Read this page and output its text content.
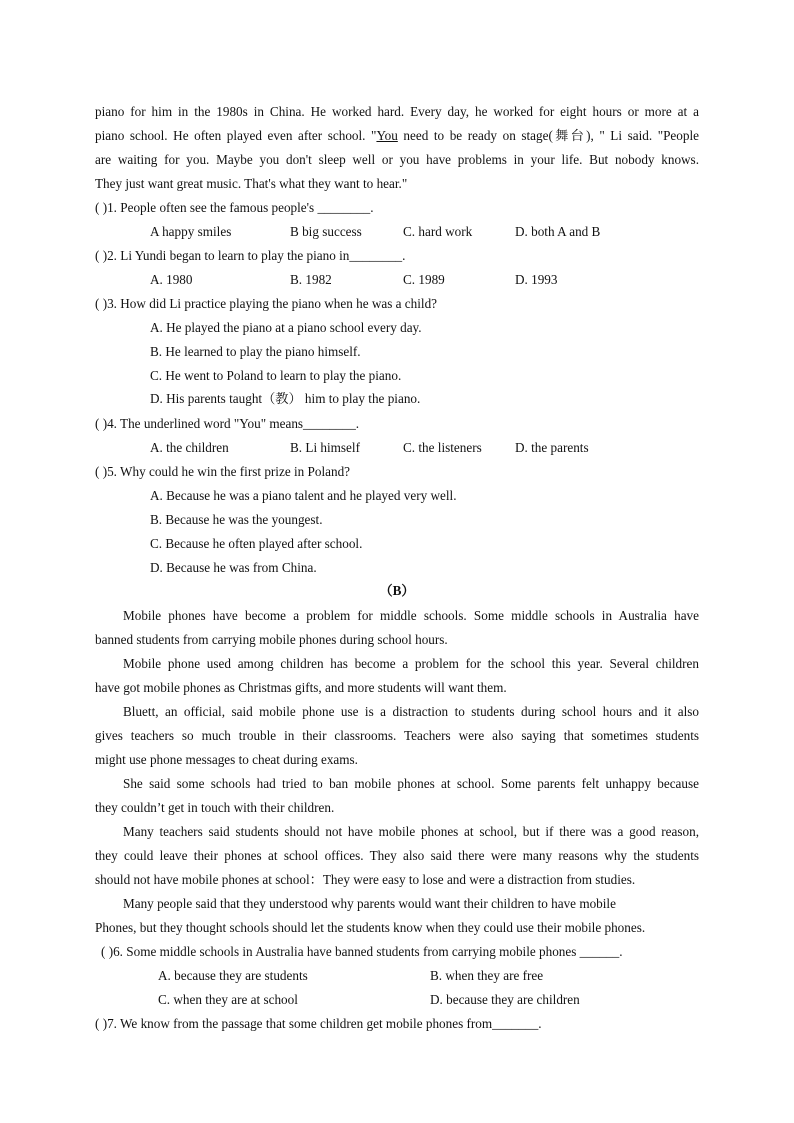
piano for him in the 1980s in China. He worked hard. Every day, he worked for eight hours or more at a
piano school. He often played even after school. "You need to be ready on stage(舞台), " Li said. "People
are waiting for you. Maybe you don't sleep well or you have problems in your life. But nobody knows.
They just want great music. That's what they want to hear."
( )1. People often see the famous people's ________.
A happy smiles	B big success	C. hard work	D. both A and B
( )2. Li Yundi began to learn to play the piano in________.
A. 1980	B. 1982	C. 1989	D. 1993
( )3. How did Li practice playing the piano when he was a child?
A. He played the piano at a piano school every day.
B. He learned to play the piano himself.
C. He went to Poland to learn to play the piano.
D. His parents taught（教） him to play the piano.
( )4. The underlined word "You" means________.
A. the children	B. Li himself	C. the listeners	D. the parents
( )5. Why could he win the first prize in Poland?
A. Because he was a piano talent and he played very well.
B. Because he was the youngest.
C. Because he often played after school.
D. Because he was from China.
（B）
Mobile phones have become a problem for middle schools. Some middle schools in Australia have
banned students from carrying mobile phones during school hours.
Mobile phone used among children has become a problem for the school this year. Several children
have got mobile phones as Christmas gifts, and more students will want them.
Bluett, an official, said mobile phone use is a distraction to students during school hours and it also
gives teachers so much trouble in their classrooms. Teachers were also saying that sometimes students
might use phone messages to cheat during exams.
She said some schools had tried to ban mobile phones at school. Some parents felt unhappy because
they couldn’t get in touch with their children.
Many teachers said students should not have mobile phones at school, but if there was a good reason,
they could leave their phones at school offices. They also said there were many reasons why the students
should not have mobile phones at school：They were easy to lose and were a distraction from studies.
Many people said that they understood why parents would want their children to have mobile
Phones, but they thought schools should let the students know when they could use their mobile phones.
( )6. Some middle schools in Australia have banned students from carrying mobile phones ______.
A. because they are students	B. when they are free
C. when they are at school	D. because they are children
( )7. We know from the passage that some children get mobile phones from_______.
